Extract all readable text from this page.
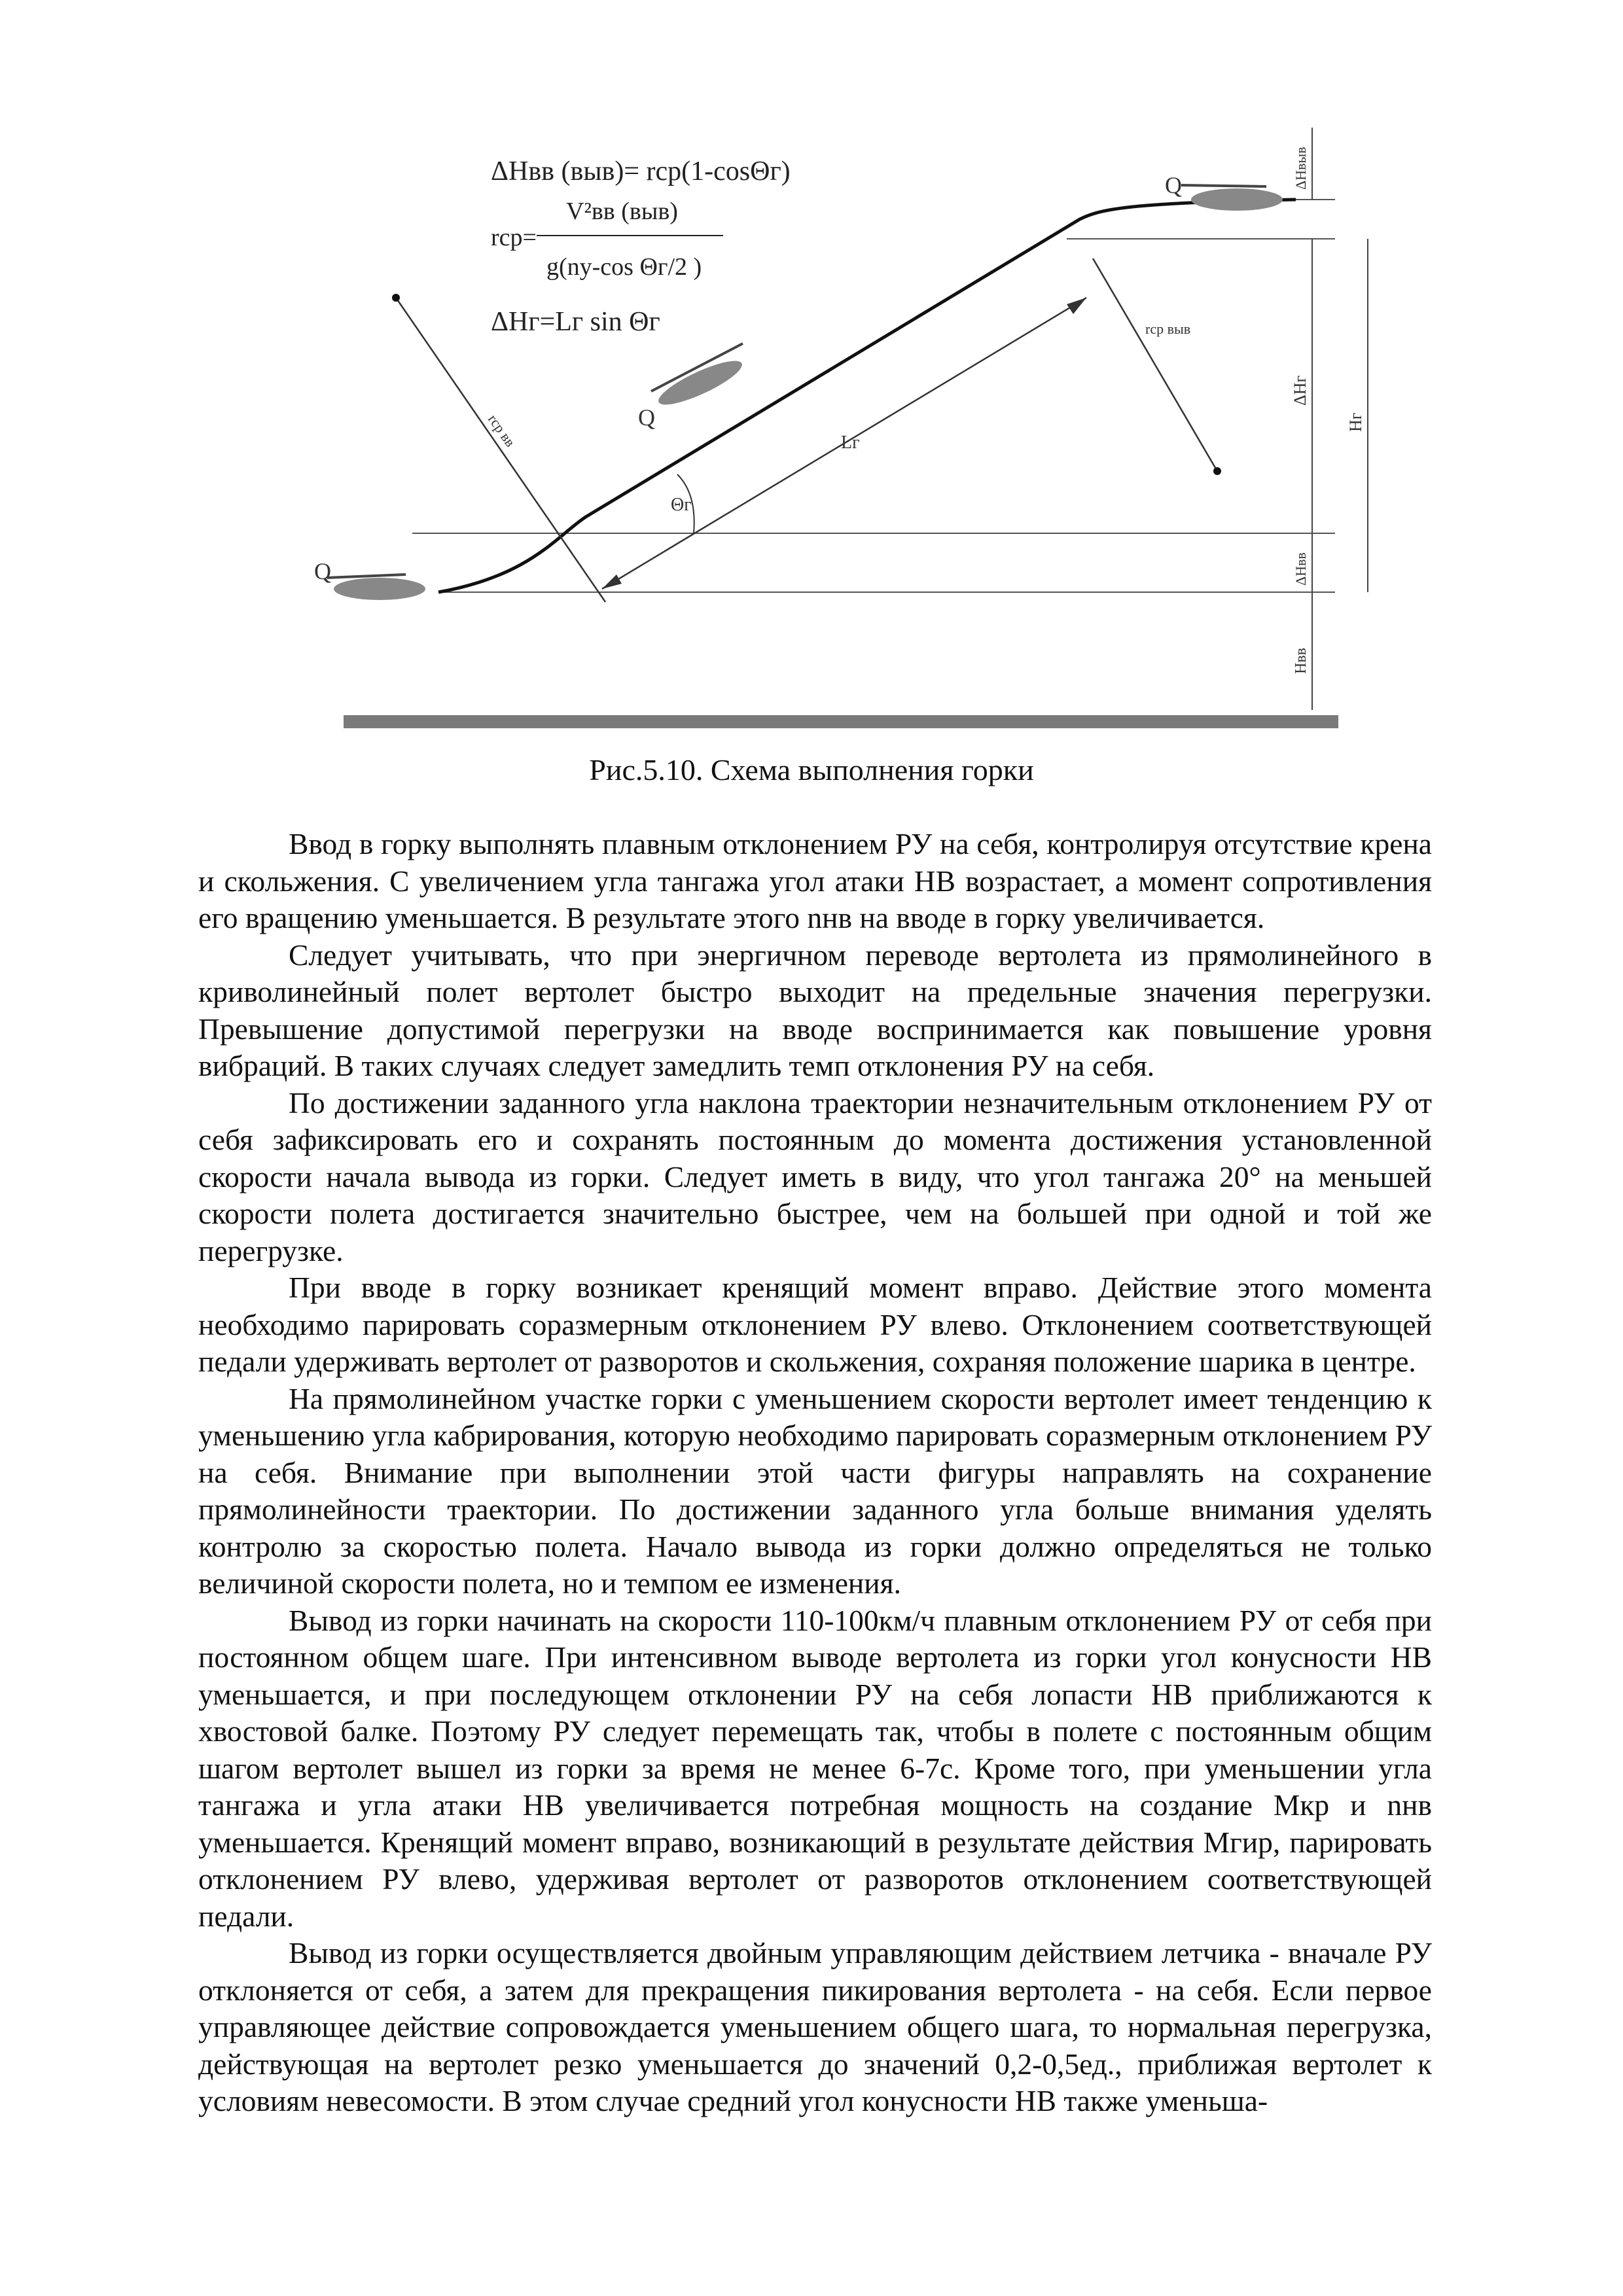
ΔHвв (выв)= rср(1-cosΘг)
rср=
V²вв (выв)
g(ny-cos Θг/2 )
ΔHг=Lг sin Θг
rср вв
rср выв
Lг
Θг
Q
Q
Q	ΔHвыв
ΔHг
Hг
ΔHвв
Hвв
Рис.5.10. Схема выполнения горки

Ввод в горку выполнять плавным отклонением РУ на себя, контролируя отсутствие крена и скольжения. С увеличением угла тангажа угол атаки НВ возрастает, а момент сопротивления его вращению уменьшается. В результате этого nнв на вводе в горку увеличивается.

Следует учитывать, что при энергичном переводе вертолета из прямолинейного в криволинейный полет вертолет быстро выходит на предельные значения перегрузки. Превышение допустимой перегрузки на вводе воспринимается как повышение уровня вибраций. В таких случаях следует замедлить темп отклонения РУ на себя.

По достижении заданного угла наклона траектории незначительным отклонением РУ от себя зафиксировать его и сохранять постоянным до момента достижения установленной скорости начала вывода из горки. Следует иметь в виду, что угол тангажа 20° на меньшей скорости полета достигается значительно быстрее, чем на большей при одной и той же перегрузке.

При вводе в горку возникает кренящий момент вправо. Действие этого момента необходимо парировать соразмерным отклонением РУ влево. Отклонением соответствующей педали удерживать вертолет от разворотов и скольжения, сохраняя положение шарика в центре.

На прямолинейном участке горки с уменьшением скорости вертолет имеет тенденцию к уменьшению угла кабрирования, которую необходимо парировать соразмерным отклонением РУ на себя. Внимание при выполнении этой части фигуры направлять на сохранение прямолинейности траектории. По достижении заданного угла больше внимания уделять контролю за скоростью полета. Начало вывода из горки должно определяться не только величиной скорости полета, но и темпом ее изменения.

Вывод из горки начинать на скорости 110-100км/ч плавным отклонением РУ от себя при постоянном общем шаге. При интенсивном выводе вертолета из горки угол конусности НВ уменьшается, и при последующем отклонении РУ на себя лопасти НВ приближаются к хвостовой балке. Поэтому РУ следует перемещать так, чтобы в полете с постоянным общим шагом вертолет вышел из горки за время не менее 6-7с. Кроме того, при уменьшении угла тангажа и угла атаки НВ увеличивается потребная мощность на создание Мкр и nнв уменьшается. Кренящий момент вправо, возникающий в результате действия Мгир, парировать отклонением РУ влево, удерживая вертолет от разворотов отклонением соответствующей педали.

Вывод из горки осуществляется двойным управляющим действием летчика - вначале РУ отклоняется от себя, а затем для прекращения пикирования вертолета - на себя. Если первое управляющее действие сопровождается уменьшением общего шага, то нормальная перегрузка, действующая на вертолет резко уменьшается до значений 0,2-0,5ед., приближая вертолет к условиям невесомости. В этом случае средний угол конусности НВ также уменьша-
